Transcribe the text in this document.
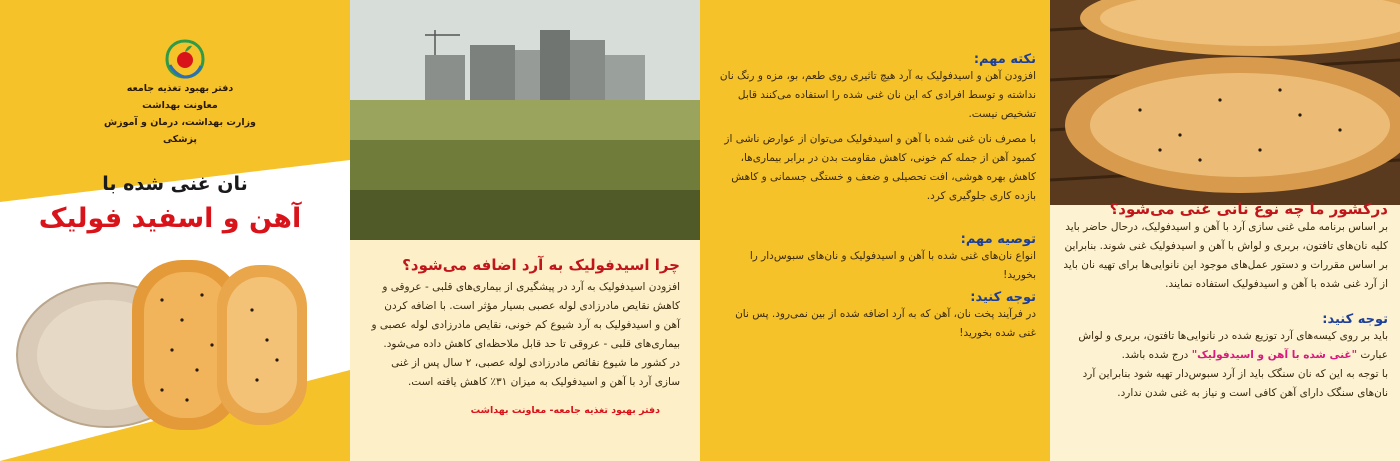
دفتر بهبود تغذیه جامعه
معاونت بهداشت
وزارت بهداشت، درمان و آموزش پزشکی
نان غنی شده با
آهن و اسفید فولیک
چرا اسیدفولیک به آرد اضافه می‌شود؟

افزودن اسیدفولیک به آرد در پیشگیری از بیماری‌های قلبی - عروقی و کاهش نقایص مادرزادی لوله عصبی بسیار مؤثر است. با اضافه کردن آهن و اسیدفولیک به آرد شیوع کم خونی، نقایص مادرزادی لوله عصبی و بیماری‌های قلبی - عروقی تا حد قابل ملاحظه‌ای کاهش داده می‌شود.

در کشور ما شیوع نقائص مادرزادی لوله عصبی، ۲ سال پس از غنی سازی آرد با آهن و اسیدفولیک به میزان ۳۱٪ کاهش یافته است.

دفتر بهبود تغذیه جامعه- معاونت بهداشت
نکته مهم:

افزودن آهن و اسیدفولیک به آرد هیچ تاثیری روی طعم، بو، مزه و رنگ نان نداشته و توسط افرادی که این نان غنی شده را استفاده می‌کنند قابل تشخیص نیست.

با مصرف نان غنی شده با آهن و اسیدفولیک می‌توان از عوارض ناشی از کمبود آهن از جمله کم خونی، کاهش مقاومت بدن در برابر بیماری‌ها، کاهش بهره هوشی، افت تحصیلی و ضعف و خستگی جسمانی و کاهش بازده کاری جلوگیری کرد.

توصیه مهم:

انواع نان‌های غنی شده با آهن و اسیدفولیک و نان‌های سبوس‌دار را بخورید!

توجه کنید:

در فرآیند پخت نان، آهن که به آرد اضافه شده از بین نمی‌رود. پس نان غنی شده بخورید!

درکشور ما چه نوع نانی غنی می‌شود؟

بر اساس برنامه ملی غنی سازی آرد با آهن و اسیدفولیک، درحال حاضر باید کلیه نان‌های تافتون، بربری و لواش با آهن و اسیدفولیک غنی شوند. بنابراین بر اساس مقررات و دستور عمل‌های موجود این نانوایی‌ها برای تهیه نان باید از آرد غنی شده با آهن و اسیدفولیک استفاده نمایند.

توجه کنید:

باید بر روی کیسه‌های آرد توزیع شده در نانوایی‌ها تافتون، بربری و لواش عبارت "غنی شده با آهن و اسیدفولیک" درج شده باشد.

با توجه به این که نان سنگک باید از آرد سبوس‌دار تهیه شود بنابراین آرد نان‌های سنگک دارای آهن کافی است و نیاز به غنی شدن ندارد.
